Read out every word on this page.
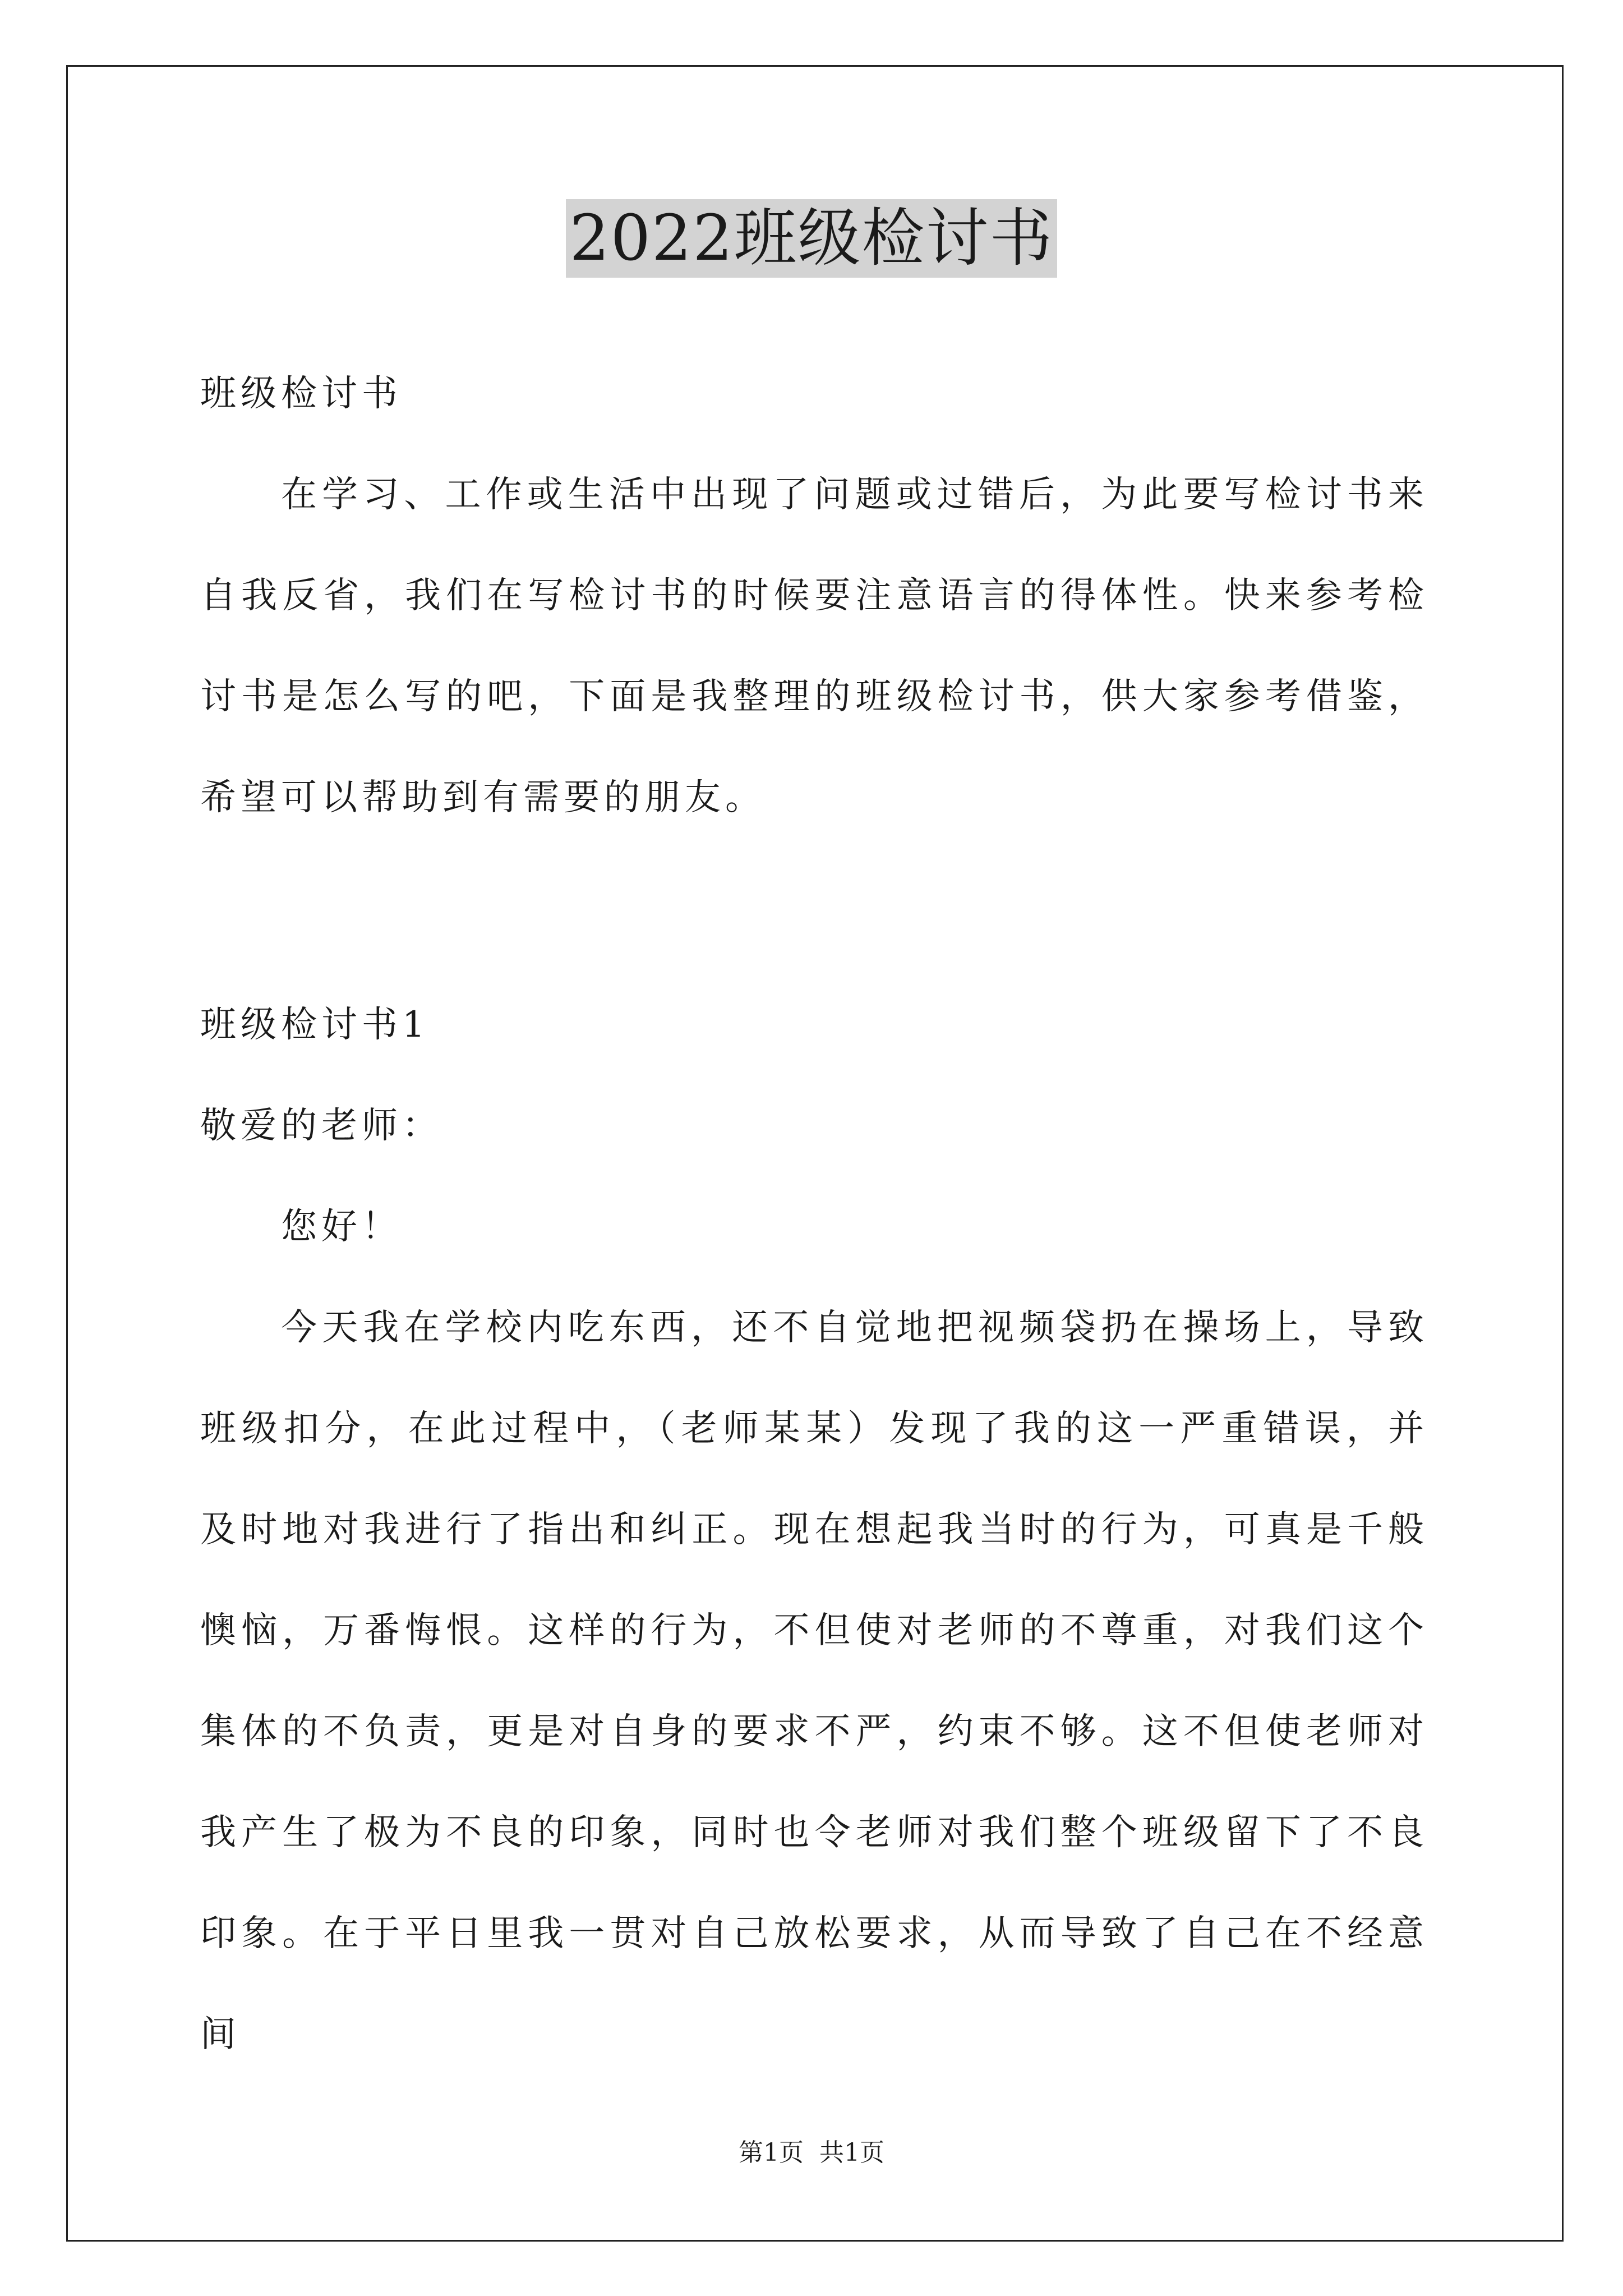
2022班级检讨书
班级检讨书

在学习、工作或生活中出现了问题或过错后，为此要写检讨书来自我反省，我们在写检讨书的时候要注意语言的得体性。快来参考检讨书是怎么写的吧，下面是我整理的班级检讨书，供大家参考借鉴，希望可以帮助到有需要的朋友。

班级检讨书1
敬爱的老师：

您好！

今天我在学校内吃东西，还不自觉地把视频袋扔在操场上，导致班级扣分，在此过程中，（老师某某）发现了我的这一严重错误，并及时地对我进行了指出和纠正。现在想起我当时的行为，可真是千般懊恼，万番悔恨。这样的行为，不但使对老师的不尊重，对我们这个集体的不负责，更是对自身的要求不严，约束不够。这不但使老师对我产生了极为不良的印象，同时也令老师对我们整个班级留下了不良印象。在于平日里我一贯对自己放松要求，从而导致了自己在不经意间

第1页 共1页
